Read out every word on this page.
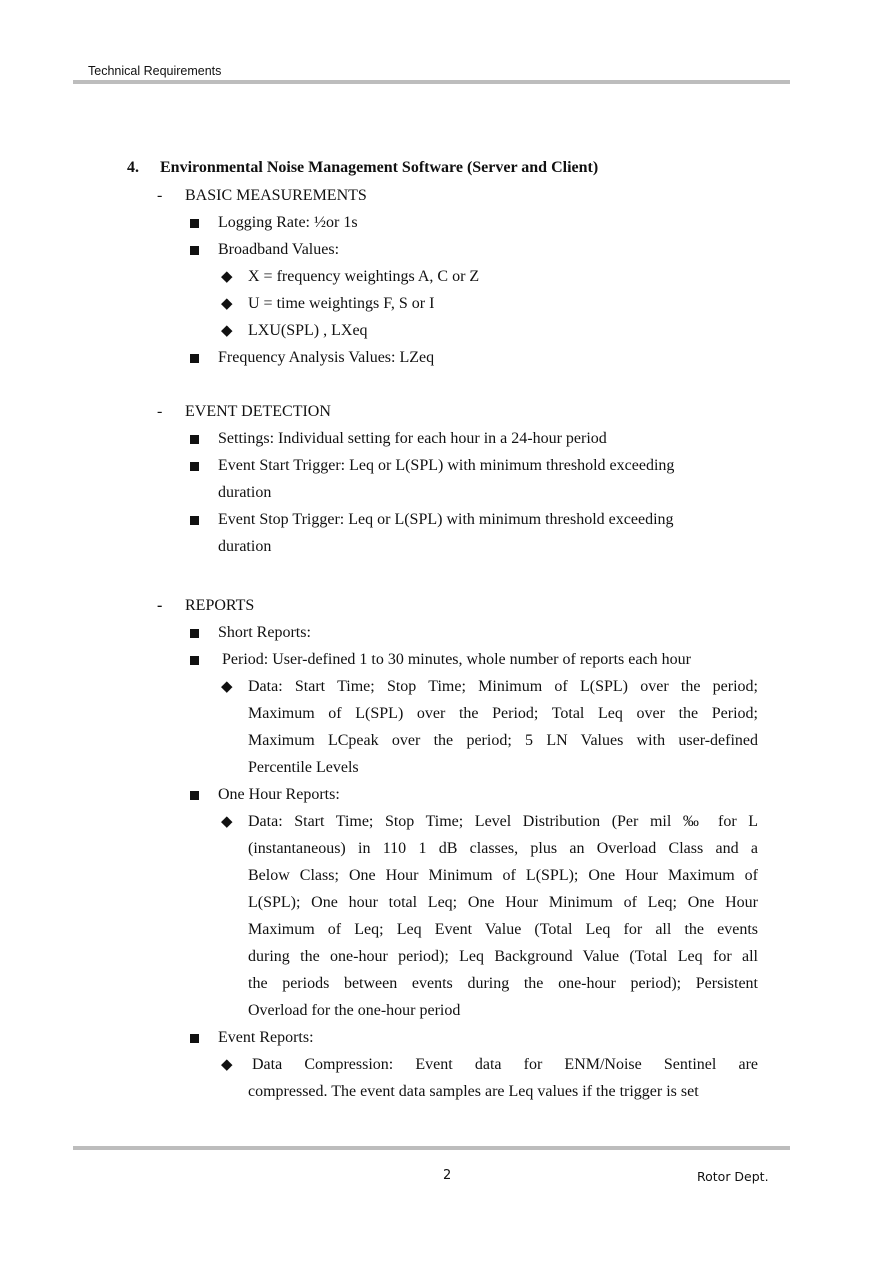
Technical Requirements
4. Environmental Noise Management Software (Server and Client)
- BASIC MEASUREMENTS
Logging Rate: ½or 1s
Broadband Values:
◆ X = frequency weightings A, C or Z
◆ U = time weightings F, S or I
◆ LXU(SPL) , LXeq
Frequency Analysis Values: LZeq
- EVENT DETECTION
Settings: Individual setting for each hour in a 24-hour period
Event Start Trigger: Leq or L(SPL) with minimum threshold exceeding
duration
Event Stop Trigger: Leq or L(SPL) with minimum threshold exceeding
duration
- REPORTS
Short Reports:
Period: User-defined 1 to 30 minutes, whole number of reports each hour
◆ Data: Start Time; Stop Time; Minimum of L(SPL) over the period;
Maximum of L(SPL) over the Period; Total Leq over the Period;
Maximum LCpeak over the period; 5 LN Values with user-defined
Percentile Levels
One Hour Reports:
◆ Data: Start Time; Stop Time; Level Distribution (Per mil ‰ for L
(instantaneous) in 110 1 dB classes, plus an Overload Class and a
Below Class; One Hour Minimum of L(SPL); One Hour Maximum of
L(SPL); One hour total Leq; One Hour Minimum of Leq; One Hour
Maximum of Leq; Leq Event Value (Total Leq for all the events
during the one-hour period); Leq Background Value (Total Leq for all
the periods between events during the one-hour period); Persistent
Overload for the one-hour period
Event Reports:
◆ Data Compression: Event data for ENM/Noise Sentinel are
compressed. The event data samples are Leq values if the trigger is set
2	Rotor Dept.
